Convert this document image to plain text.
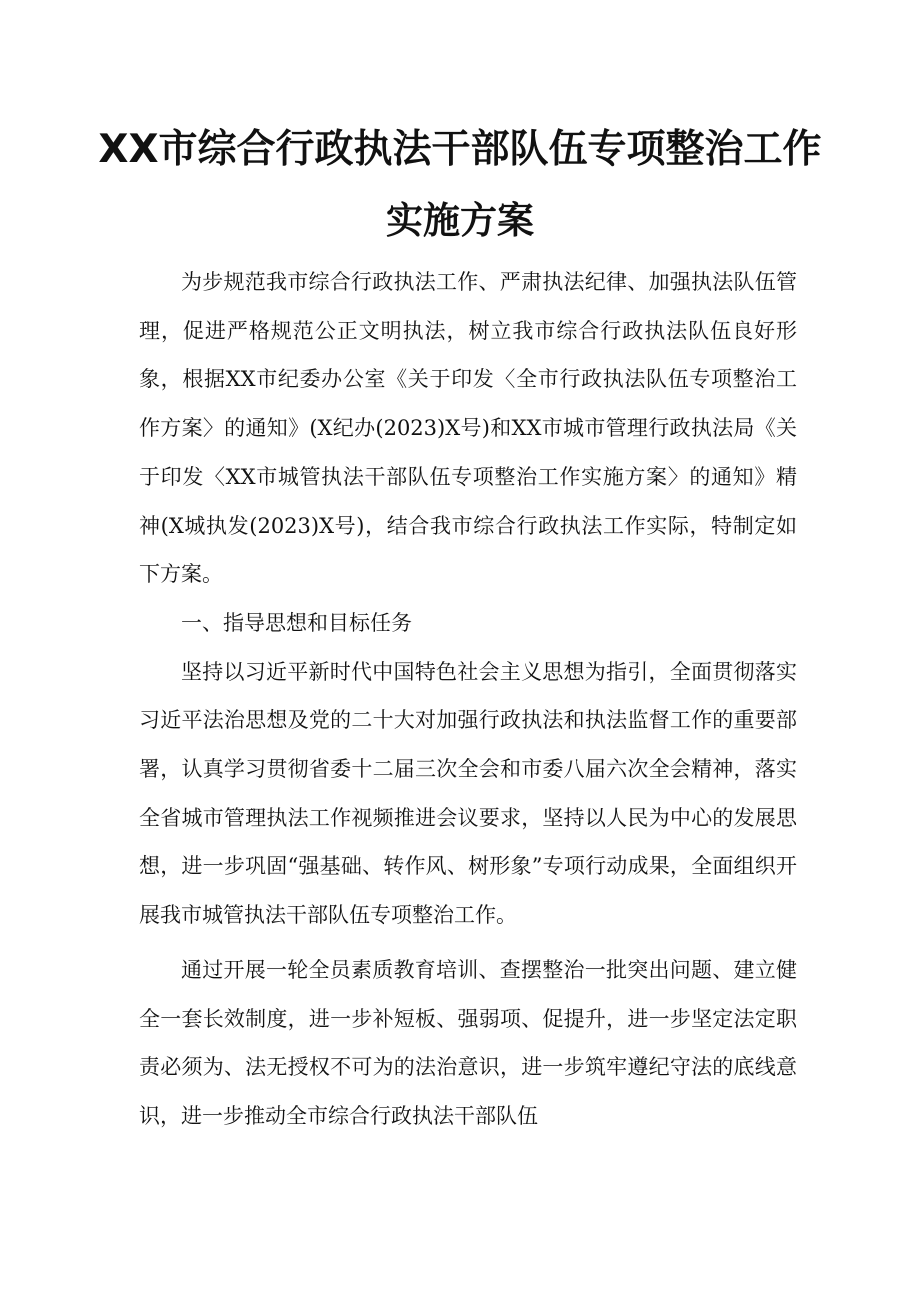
XX市综合行政执法干部队伍专项整治工作
实施方案

为步规范我市综合行政执法工作、严肃执法纪律、加强执法队伍管理，促进严格规范公正文明执法，树立我市综合行政执法队伍良好形象，根据XX市纪委办公室《关于印发〈全市行政执法队伍专项整治工作方案〉的通知》(X纪办(2023)X号)和XX市城市管理行政执法局《关于印发〈XX市城管执法干部队伍专项整治工作实施方案〉的通知》精神(X城执发(2023)X号)，结合我市综合行政执法工作实际，特制定如下方案。

一、指导思想和目标任务

坚持以习近平新时代中国特色社会主义思想为指引，全面贯彻落实习近平法治思想及党的二十大对加强行政执法和执法监督工作的重要部署，认真学习贯彻省委十二届三次全会和市委八届六次全会精神，落实全省城市管理执法工作视频推进会议要求，坚持以人民为中心的发展思想，进一步巩固“强基础、转作风、树形象”专项行动成果，全面组织开展我市城管执法干部队伍专项整治工作。

通过开展一轮全员素质教育培训、查摆整治一批突出问题、建立健全一套长效制度，进一步补短板、强弱项、促提升，进一步坚定法定职责必须为、法无授权不可为的法治意识，进一步筑牢遵纪守法的底线意识，进一步推动全市综合行政执法干部队伍
